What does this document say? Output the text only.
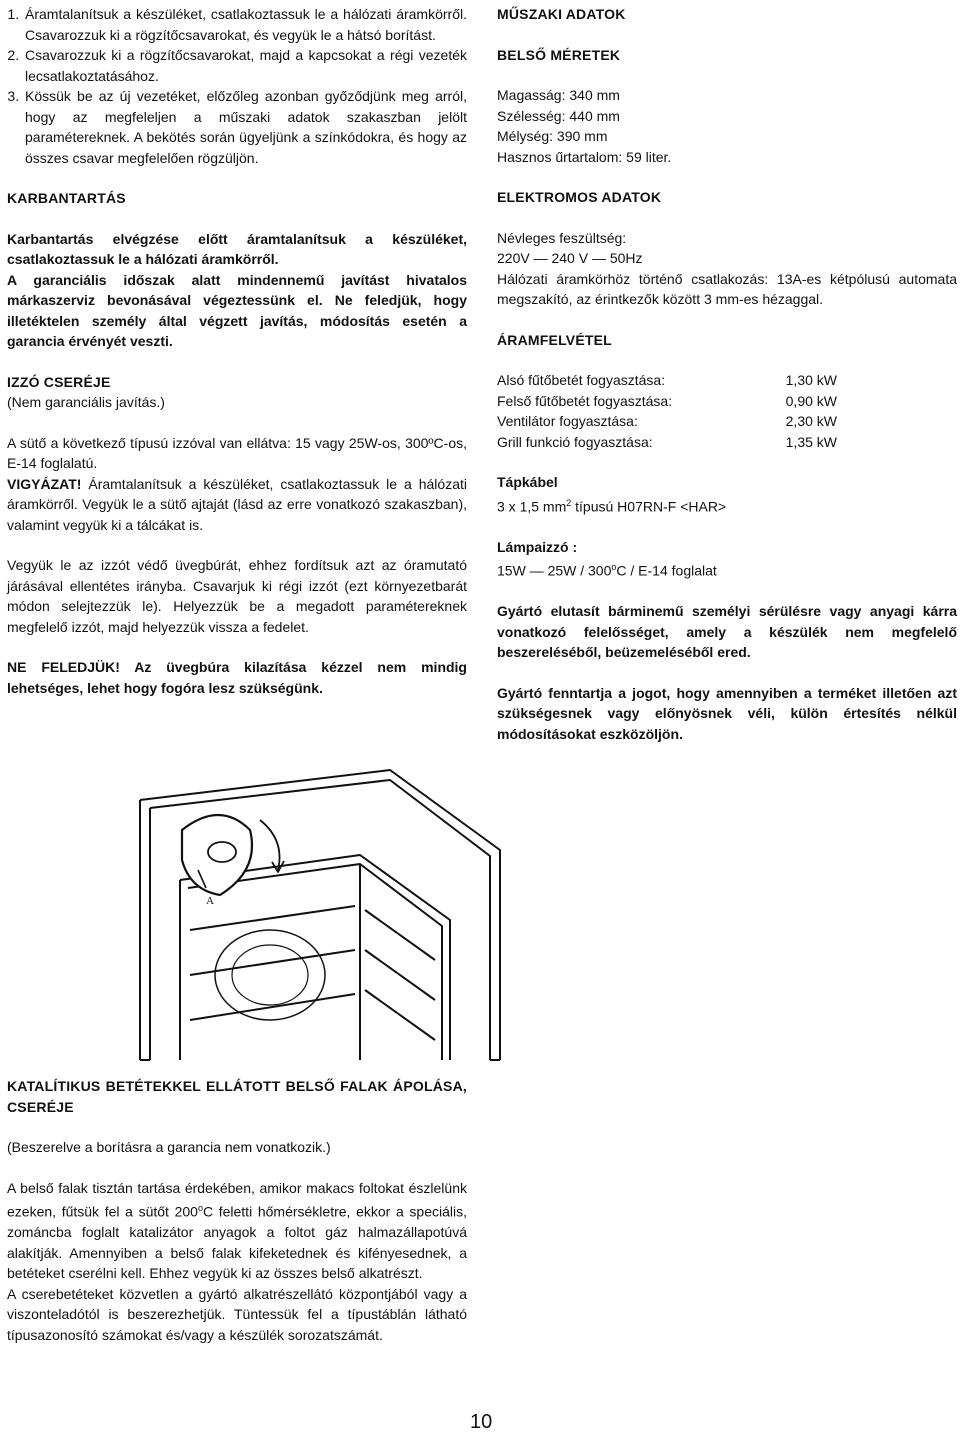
1. Áramtalanítsuk a készüléket, csatlakoztassuk le a hálózati áramkörről. Csavarozzuk ki a rögzítőcsavarokat, és vegyük le a hátsó borítást.
2. Csavarozzuk ki a rögzítőcsavarokat, majd a kapcsokat a régi vezeték lecsatlakoztatásához.
3. Kössük be az új vezetéket, előzőleg azonban győződjünk meg arról, hogy az megfeleljen a műszaki adatok szakaszban jelölt paramétereknek. A bekötés során ügyeljünk a színkódokra, és hogy az összes csavar megfelelően rögzüljön.

KARBANTARTÁS

Karbantartás elvégzése előtt áramtalanítsuk a készüléket, csatlakoztassuk le a hálózati áramkörről.

A garanciális időszak alatt mindennemű javítást hivatalos márkaszerviz bevonásával végeztessünk el. Ne feledjük, hogy illetéktelen személy által végzett javítás, módosítás esetén a garancia érvényét veszti.

IZZÓ CSERÉJE

(Nem garanciális javítás.)

A sütő a következő típusú izzóval van ellátva: 15 vagy 25W-os, 300ºC-os, E-14 foglalatú.
VIGYÁZAT! Áramtalanítsuk a készüléket, csatlakoztassuk le a hálózati áramkörről. Vegyük le a sütő ajtaját (lásd az erre vonatkozó szakaszban), valamint vegyük ki a tálcákat is.

Vegyük le az izzót védő üvegbúrát, ehhez fordítsuk azt az óramutató járásával ellentétes irányba. Csavarjuk ki régi izzót (ezt környezetbarát módon selejtezzük le). Helyezzük be a megadott paramétereknek megfelelő izzót, majd helyezzük vissza a fedelet.

NE FELEDJÜK! Az üvegbúra kilazítása kézzel nem mindig lehetséges, lehet hogy fogóra lesz szükségünk.

A

KATALÍTIKUS BETÉTEKKEL ELLÁTOTT BELSŐ FALAK ÁPOLÁSA, CSERÉJE

(Beszerelve a borításra a garancia nem vonatkozik.)

A belső falak tisztán tartása érdekében, amikor makacs foltokat észlelünk ezeken, fűtsük fel a sütőt 200$^o$C feletti hőmérsékletre, ekkor a speciális, zománcba foglalt katalizátor anyagok a foltot gáz halmazállapotúvá alakítják. Amennyiben a belső falak kifeketednek és kifényesednek, a betéteket cserélni kell. Ehhez vegyük ki az összes belső alkatrészt.

A cserebetéteket közvetlen a gyártó alkatrészellátó központjából vagy a viszonteladótól is beszerezhetjük. Tüntessük fel a típustáblán látható típusazonosító számokat és/vagy a készülék sorozatszámát.

MŰSZAKI ADATOK

BELSŐ MÉRETEK

Magasság: 340 mm

Szélesség: 440 mm

Mélység: 390 mm

Hasznos űrtartalom: 59 liter.

ELEKTROMOS ADATOK

Névleges feszültség:

220V — 240 V — 50Hz

Hálózati áramkörhöz történő csatlakozás: 13A-es kétpólusú automata megszakító, az érintkezők között 3 mm-es hézaggal.

ÁRAMFELVÉTEL

Alsó fűtőbetét fogyasztása:	1,30 kW
Felső fűtőbetét fogyasztása:	0,90 kW
Ventilátor fogyasztása:	2,30 kW
Grill funkció fogyasztása:	1,35 kW

Tápkábel

3 x 1,5 $mm^2$ típusú H07RN-F <HAR>

Lámpaizzó :

15W — 25W / 300$^o$C / E-14 foglalat

Gyártó elutasít bárminemű személyi sérülésre vagy anyagi kárra vonatkozó felelősséget, amely a készülék nem megfelelő beszereléséből, beüzemeléséből ered.

Gyártó fenntartja a jogot, hogy amennyiben a terméket illetően azt szükségesnek vagy előnyösnek véli, külön értesítés nélkül módosításokat eszközöljön.

10
